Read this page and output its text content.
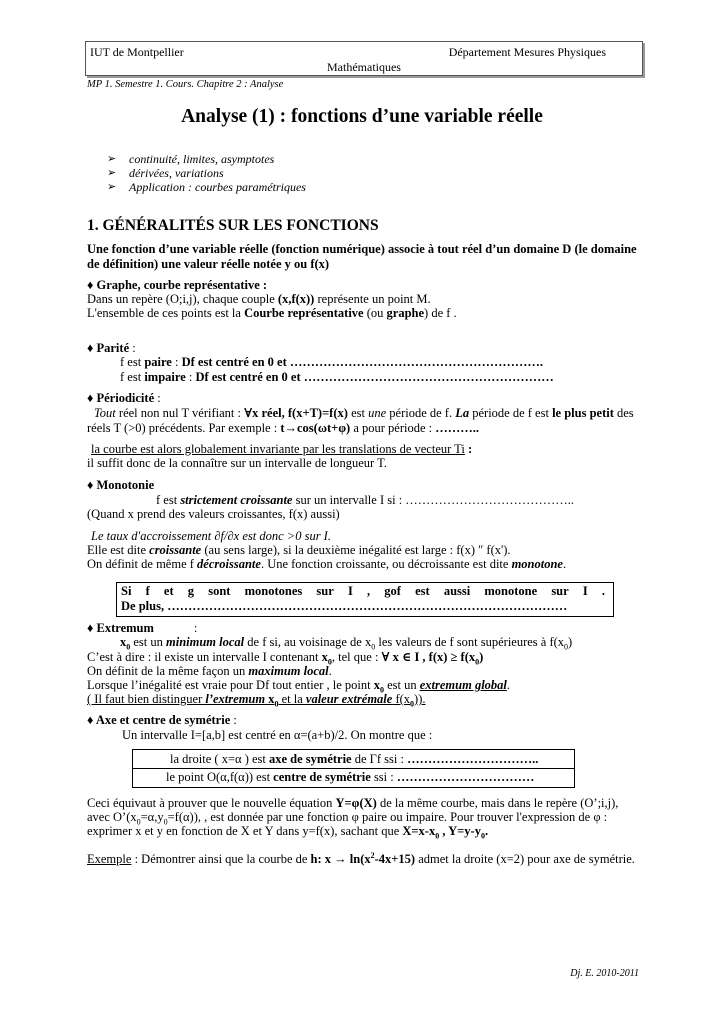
IUT de Montpellier	Département Mesures Physiques
Mathématiques
MP 1. Semestre 1. Cours. Chapitre 2 : Analyse
Analyse (1) : fonctions d’une variable réelle
➢	continuité, limites, asymptotes
➢	dérivées, variations
➢	Application : courbes paramétriques
1. GÉNÉRALITÉS SUR LES FONCTIONS
Une fonction d’une variable réelle (fonction numérique) associe à tout réel d’un domaine D (le domaine
de définition) une valeur réelle notée y ou f(x)
♦ Graphe, courbe représentative :
Dans un repère (O;i,j), chaque couple (x,f(x)) représente un point M.
L'ensemble de ces points est la Courbe représentative (ou graphe) de f .
♦ Parité :
f est paire : Df est centré en 0 et …………………………………………………….
f est impaire : Df est centré en 0 et ……………………………………………………
♦ Périodicité :
Tout réel non nul T vérifiant : ∀x réel, f(x+T)=f(x) est une période de f. La période de f est le plus petit des
réels T (>0) précédents. Par exemple : t→cos(ωt+φ) a pour période : ………..
la courbe est alors globalement invariante par les translations de vecteur Ti :
il suffit donc de la connaître sur un intervalle de longueur T.
♦ Monotonie
f est strictement croissante sur un intervalle I si : …………………………………..
(Quand x prend des valeurs croissantes, f(x) aussi)
Le taux d'accroissement ∂f/∂x est donc >0 sur I.
Elle est dite croissante (au sens large), si la deuxième inégalité est large : f(x) ″ f(x').
On définit de même f décroissante. Une fonction croissante, ou décroissante est dite monotone.
Si f et g sont monotones sur I , gof est aussi monotone sur I .
De plus, ……………………………………………………………………………………
♦ Extremum	:
$x_0$ est un minimum local de f si, au voisinage de $x_0$ les valeurs de f sont supérieures à $f(x_0)$
C’est à dire : il existe un intervalle I contenant $x_0$, tel que : ∀ x ∈ I , $f(x) \ge f(x_0)$
On définit de la même façon un maximum local.
Lorsque l’inégalité est vraie pour Df tout entier , le point $x_0$ est un extremum global.
( Il faut bien distinguer l’extremum $x_0$ et la valeur extrémale $f(x_0)$).
♦ Axe et centre de symétrie :
Un intervalle I=[a,b] est centré en α=(a+b)/2. On montre que :
la droite ( x=α ) est axe de symétrie de Γf ssi : …………………………..
le point O(α,f(α)) est centre de symétrie ssi : ……………………………
Ceci équivaut à prouver que le nouvelle équation Y=φ(X) de la même courbe, mais dans le repère (O’;i,j),
avec $O’(x_0=\alpha,y_0=f(\alpha))$, , est donnée par une fonction φ paire ou impaire. Pour trouver l'expression de φ :
exprimer x et y en fonction de X et Y dans y=f(x), sachant que $X=x-x_0$ , $Y=y-y_0$.
Exemple : Démontrer ainsi que la courbe de h: $x \to \ln(x^2-4x+15)$ admet la droite (x=2) pour axe de symétrie.
Dj. E. 2010-2011
